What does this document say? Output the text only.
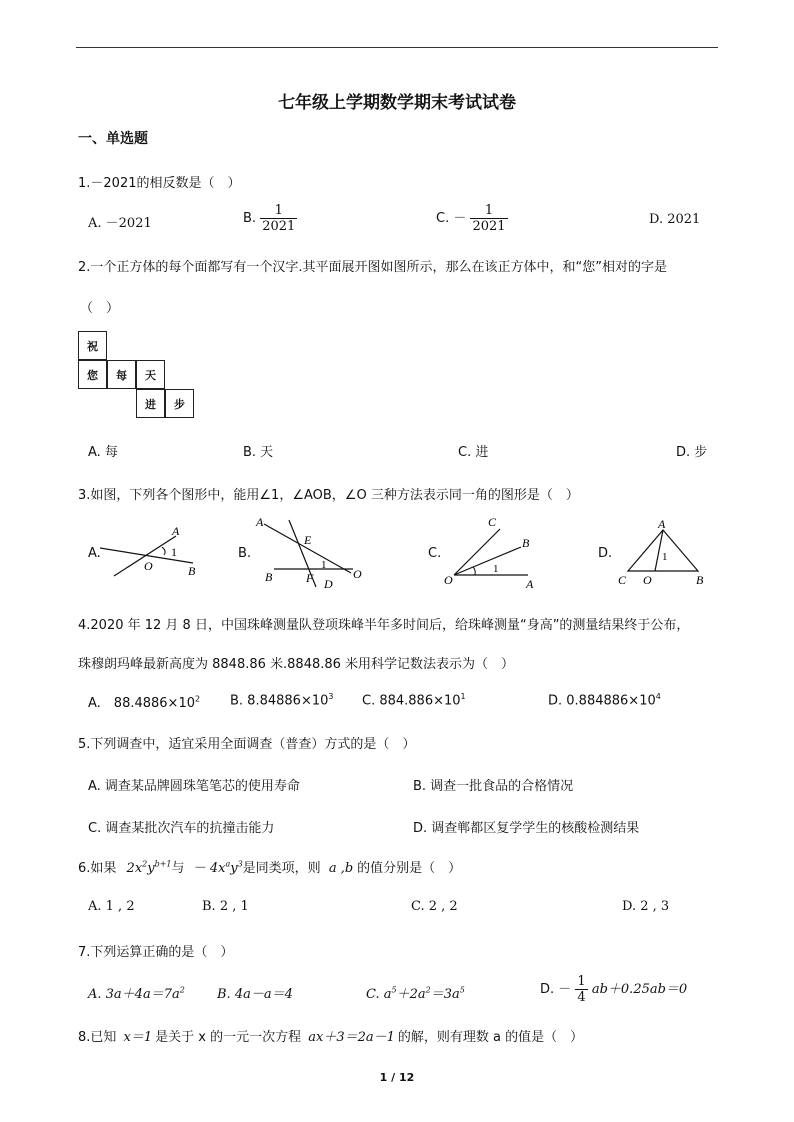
七年级上学期数学期末考试试卷
一、单选题
1.－2021的相反数是（　）
A. －2021	B. $\frac{1}{2021}$	C. － $\frac{1}{2021}$	D. 2021
2.一个正方体的每个面都写有一个汉字.其平面展开图如图所示，那么在该正方体中，和“您”相对的字是
（　）
祝
您	每	天
进	步
A. 每	B. 天	C. 进	D. 步
3.如图，下列各个图形中，能用∠1，∠AOB，∠O 三种方法表示同一角的图形是（　）
A.
A
1
O	B
B.
A
E
1
B	F D
O
C.
C
B
1
O	A
D.
A
1
C O	B
4.2020 年 12 月 8 日，中国珠峰测量队登项珠峰半年多时间后，给珠峰测量“身高”的测量结果终于公布，
珠穆朗玛峰最新高度为 8848.86 米.8848.86 米用科学记数法表示为（　）
A.　$88.4886\times 10^2$ B. $8.84886\times 10^3$ C. $884.886\times 10^1$	D. $0.884886\times 10^4$
5.下列调查中，适宜采用全面调查（普查）方式的是（　）
A. 调查某品牌圆珠笔笔芯的使用寿命	B. 调查一批食品的合格情况
C. 调查某批次汽车的抗撞击能力	D. 调查郸都区复学学生的核酸检测结果
6.如果 $2x^2y^{b+1}$与 － $4x^ay^3$是同类项，则 a ,b 的值分别是（　）
A. 1 , 2	B. 2 , 1	C. 2 , 2	D. 2 , 3
7.下列运算正确的是（　）
A. $3a+4a=7a^2$ B. 4a－a＝4	C. $a^5+2a^2=3a^5$	D. － $\frac{1}{4} ab+0.25ab=0$
8.已知 x＝1 是关于 x 的一元一次方程 ax＋3＝2a－1 的解，则有理数 a 的值是（　）
1 / 12
